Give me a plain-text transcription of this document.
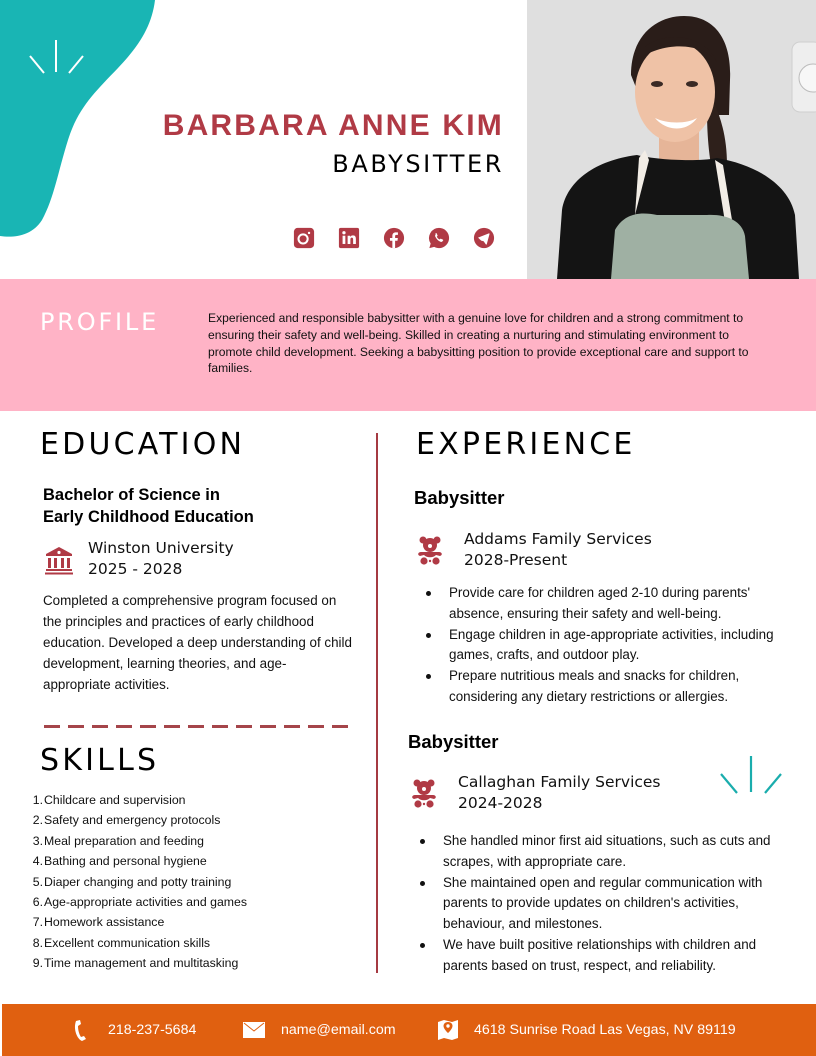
BARBARA ANNE KIM
BABYSITTER
PROFILE	Experienced and responsible babysitter with a genuine love for children and a strong commitment to ensuring their safety and well-being. Skilled in creating a nurturing and stimulating environment to promote child development. Seeking a babysitting position to provide exceptional care and support to families.
EDUCATION
Bachelor of Science in
Early Childhood Education
Winston University
2025 - 2028
Completed a comprehensive program focused on the principles and practices of early childhood education. Developed a deep understanding of child development, learning theories, and age-appropriate activities.
SKILLS
1. Childcare and supervision
2. Safety and emergency protocols
3. Meal preparation and feeding
4. Bathing and personal hygiene
5. Diaper changing and potty training
6. Age-appropriate activities and games
7. Homework assistance
8. Excellent communication skills
9. Time management and multitasking
EXPERIENCE
Babysitter
Addams Family Services
2028-Present
Provide care for children aged 2-10 during parents' absence, ensuring their safety and well-being.
Engage children in age-appropriate activities, including games, crafts, and outdoor play.
Prepare nutritious meals and snacks for children, considering any dietary restrictions or allergies.
Babysitter
Callaghan Family Services
2024-2028
She handled minor first aid situations, such as cuts and scrapes, with appropriate care.
She maintained open and regular communication with parents to provide updates on children's activities, behaviour, and milestones.
We have built positive relationships with children and parents based on trust, respect, and reliability.
218-237-5684	name@email.com	4618 Sunrise Road Las Vegas, NV 89119
